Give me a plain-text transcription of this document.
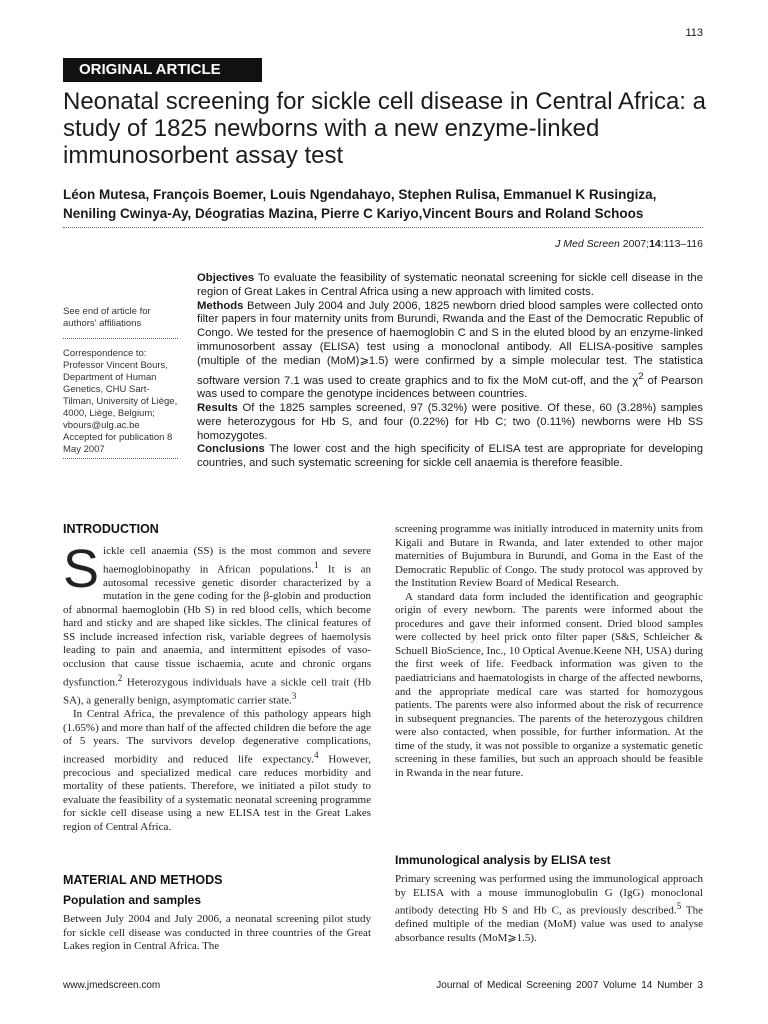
113
ORIGINAL ARTICLE
Neonatal screening for sickle cell disease in Central Africa: a study of 1825 newborns with a new enzyme-linked immunosorbent assay test
Léon Mutesa, François Boemer, Louis Ngendahayo, Stephen Rulisa, Emmanuel K Rusingiza, Neniling Cwinya-Ay, Déogratias Mazina, Pierre C Kariyo,Vincent Bours and Roland Schoos
J Med Screen 2007;14:113–116
See end of article for authors' affiliations
Correspondence to: Professor Vincent Bours, Department of Human Genetics, CHU Sart-Tilman, University of Liège, 4000, Liège, Belgium; vbours@ulg.ac.be
Accepted for publication 8 May 2007

Objectives To evaluate the feasibility of systematic neonatal screening for sickle cell disease in the region of Great Lakes in Central Africa using a new approach with limited costs.

Methods Between July 2004 and July 2006, 1825 newborn dried blood samples were collected onto filter papers in four maternity units from Burundi, Rwanda and the East of the Democratic Republic of Congo. We tested for the presence of haemoglobin C and S in the eluted blood by an enzyme-linked immunosorbent assay (ELISA) test using a monoclonal antibody. All ELISA-positive samples (multiple of the median (MoM)⩾1.5) were confirmed by a simple molecular test. The statistica software version 7.1 was used to create graphics and to fix the MoM cut-off, and the $\chi^2$ of Pearson was used to compare the genotype incidences between countries.

Results Of the 1825 samples screened, 97 (5.32%) were positive. Of these, 60 (3.28%) samples were heterozygous for Hb S, and four (0.22%) for Hb C; two (0.11%) newborns were Hb SS homozygotes.

Conclusions The lower cost and the high specificity of ELISA test are appropriate for developing countries, and such systematic screening for sickle cell anaemia is therefore feasible.

INTRODUCTION

Sickle cell anaemia (SS) is the most common and severe haemoglobinopathy in African populations.$^1$ It is an autosomal recessive genetic disorder characterized by a mutation in the gene coding for the β-globin and production of abnormal haemoglobin (Hb S) in red blood cells, which become hard and sticky and are shaped like sickles. The clinical features of SS include increased infection risk, variable degrees of haemolysis leading to pain and anaemia, and intermittent episodes of vaso-occlusion that cause tissue ischaemia, acute and chronic organs dysfunction.$^2$ Heterozygous individuals have a sickle cell trait (Hb SA), a generally benign, asymptomatic carrier state.$^3$

In Central Africa, the prevalence of this pathology appears high (1.65%) and more than half of the affected children die before the age of 5 years. The survivors develop degenerative complications, increased morbidity and reduced life expectancy.$^4$ However, precocious and specialized medical care reduces morbidity and mortality of these patients. Therefore, we initiated a pilot study to evaluate the feasibility of a systematic neonatal screening programme for sickle cell disease using a new ELISA test in the Great Lakes region of Central Africa.

MATERIAL AND METHODS
Population and samples
Between July 2004 and July 2006, a neonatal screening pilot study for sickle cell disease was conducted in three countries of the Great Lakes region in Central Africa. The

screening programme was initially introduced in maternity units from Kigali and Butare in Rwanda, and later extended to other major maternities of Bujumbura in Burundi, and Goma in the East of the Democratic Republic of Congo. The study protocol was approved by the Institution Review Board of Medical Research.

A standard data form included the identification and geographic origin of every newborn. The parents were informed about the procedures and gave their informed consent. Dried blood samples were collected by heel prick onto filter paper (S&S, Schleicher & Schuell BioScience, Inc., 10 Optical Avenue.Keene NH, USA) during the first week of life. Feedback information was given to the paediatricians and haematologists in charge of the affected newborns, and the appropriate medical care was started for homozygous patients. The parents were also informed about the risk of recurrence in subsequent pregnancies. The parents of the heterozygous children were also contacted, when possible, for further information. At the time of the study, it was not possible to organize a systematic genetic screening in these families, but such an approach should be feasible in Rwanda in the near future.

Immunological analysis by ELISA test
Primary screening was performed using the immunological approach by ELISA with a mouse immunoglobulin G (IgG) monoclonal antibody detecting Hb S and Hb C, as previously described.$^5$ The defined multiple of the median (MoM) value was used to analyse absorbance results (MoM⩾1.5).
www.jmedscreen.com	Journal of Medical Screening 2007 Volume 14 Number 3
